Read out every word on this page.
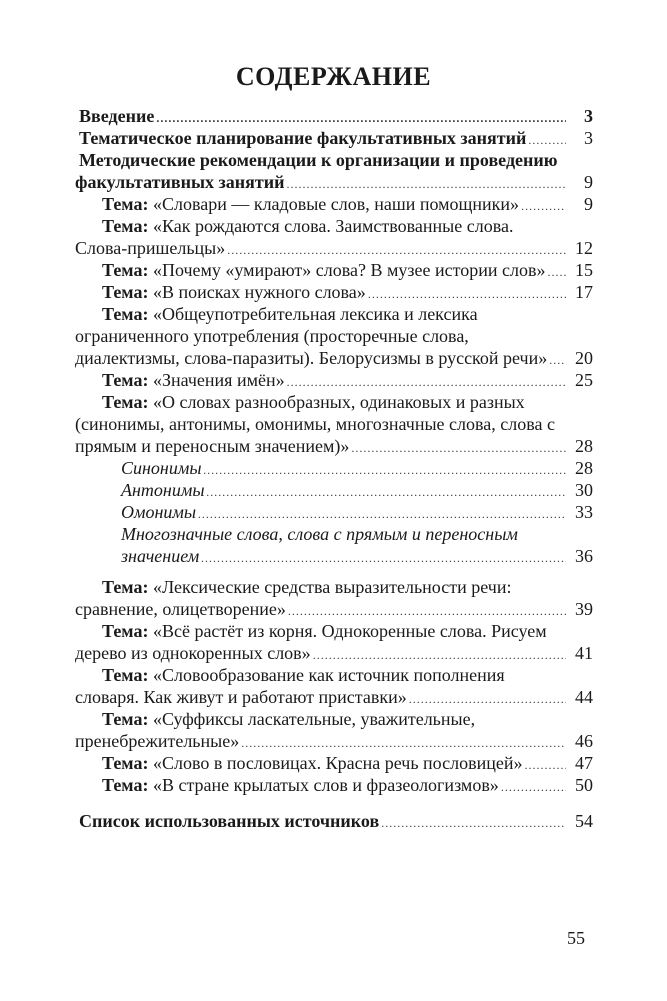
СОДЕРЖАНИЕ
Введение .....	3
Тематическое планирование факультативных занятий .....	3
Методические рекомендации к организации и проведению
факультативных занятий .....	9
Тема: «Словари — кладовые слов, наши помощники» .....	9
Тема: «Как рождаются слова. Заимствованные слова.
Слова-пришельцы» .....	12
Тема: «Почему «умирают» слова? В музее истории слов» .....	15
Тема: «В поисках нужного слова» .....	17
Тема: «Общеупотребительная лексика и лексика
ограниченного употребления (просторечные слова,
диалектизмы, слова-паразиты). Белорусизмы в русской речи» .....	20
Тема: «Значения имён» .....	25
Тема: «О словах разнообразных, одинаковых и разных
(синонимы, антонимы, омонимы, многозначные слова, слова с
прямым и переносным значением)» .....	28
Синонимы .....	28
Антонимы .....	30
Омонимы .....	33
Многозначные слова, слова с прямым и переносным
значением .....	36
Тема: «Лексические средства выразительности речи:
сравнение, олицетворение» .....	39
Тема: «Всё растёт из корня. Однокоренные слова. Рисуем
дерево из однокоренных слов» .....	41
Тема: «Словообразование как источник пополнения
словаря. Как живут и работают приставки» .....	44
Тема: «Суффиксы ласкательные, уважительные,
пренебрежительные» .....	46
Тема: «Слово в пословицах. Красна речь пословицей» .....	47
Тема: «В стране крылатых слов и фразеологизмов» .....	50
Список использованных источников .....	54
55
